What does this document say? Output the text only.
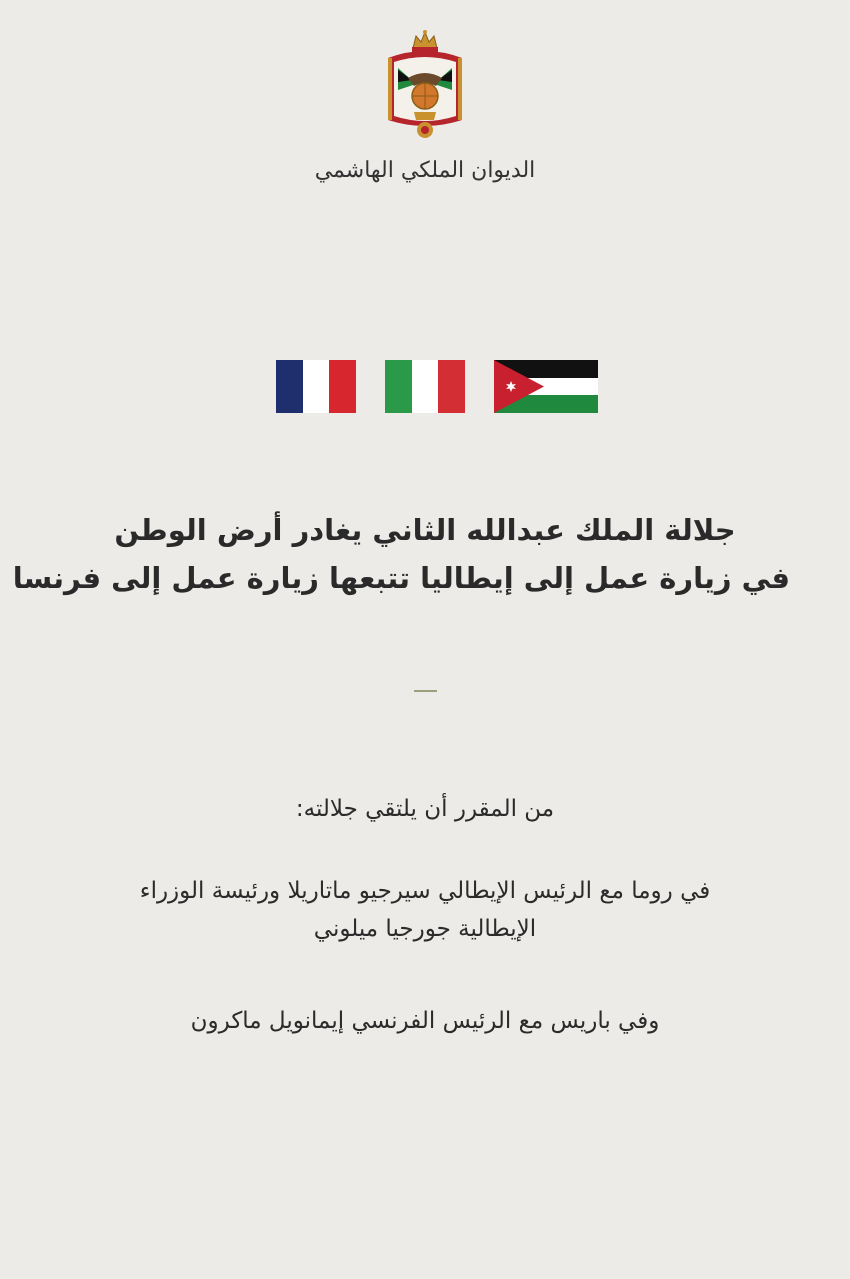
الديوان الملكي الهاشمي
جلالة الملك عبدالله الثاني يغادر أرض الوطن
في زيارة عمل إلى إيطاليا تتبعها زيارة عمل إلى فرنسا
من المقرر أن يلتقي جلالته:
في روما مع الرئيس الإيطالي سيرجيو ماتاريلا ورئيسة الوزراء
الإيطالية جورجيا ميلوني
وفي باريس مع الرئيس الفرنسي إيمانويل ماكرون
